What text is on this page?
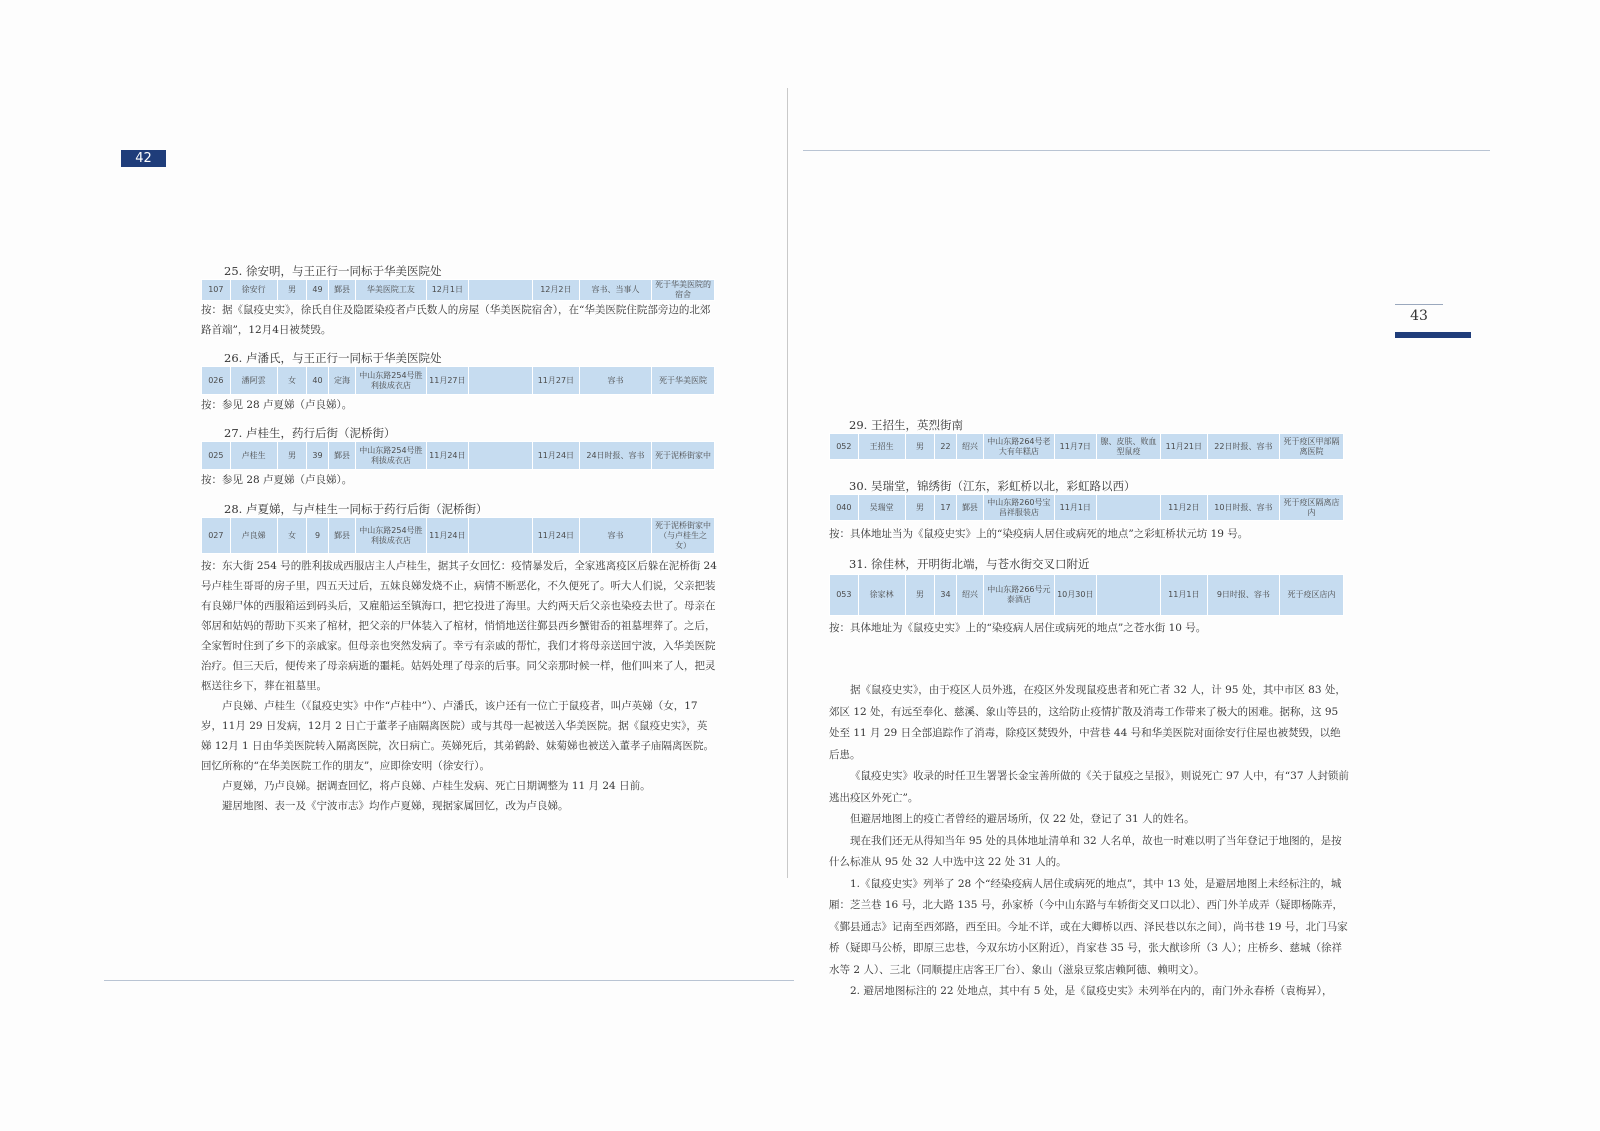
42
25. 徐安明，与王正行一同标于华美医院处
107	徐安行	男	49	鄞县	华美医院工友	12月1日		12月2日	容书、当事人	死于华美医院的宿舍

按：据《鼠疫史实》，徐氏自住及隐匿染疫者卢氏数人的房屋（华美医院宿舍），在“华美医院住院部旁边的北郊路首端”，12月4日被焚毁。

26. 卢潘氏，与王正行一同标于华美医院处
026	潘阿雲	女	40	定海	中山东路254号胜利拔成衣店	11月27日		11月27日	容书	死于华美医院

按：参见 28 卢夏娣（卢良娣）。

27. 卢桂生，药行后街（泥桥街）
025	卢桂生	男	39	鄞县	中山东路254号胜利拔成衣店	11月24日		11月24日	24日时报、容书	死于泥桥街家中

按：参见 28 卢夏娣（卢良娣）。

28. 卢夏娣，与卢桂生一同标于药行后街（泥桥街）
027	卢良娣	女	9	鄞县	中山东路254号胜利拔成衣店	11月24日		11月24日	容书	死于泥桥街家中（与卢桂生之女）

按：东大街 254 号的胜利拔成西服店主人卢桂生，据其子女回忆：疫情暴发后，全家逃离疫区后躲在泥桥街 24 号卢桂生哥哥的房子里，四五天过后，五妹良娣发烧不止，病情不断恶化，不久便死了。听大人们说，父亲把装有良娣尸体的西服箱运到码头后，又雇船运至镇海口，把它投进了海里。大约两天后父亲也染疫去世了。母亲在邻居和姑妈的帮助下买来了棺材，把父亲的尸体装入了棺材，悄悄地送往鄞县西乡蟹钳岙的祖墓埋葬了。之后，全家暂时住到了乡下的亲戚家。但母亲也突然发病了。幸亏有亲戚的帮忙，我们才将母亲送回宁波，入华美医院治疗。但三天后，便传来了母亲病逝的噩耗。姑妈处理了母亲的后事。同父亲那时候一样，他们叫来了人，把灵柩送往乡下，葬在祖墓里。

卢良娣、卢桂生（《鼠疫史实》中作“卢桂中”）、卢潘氏，该户还有一位亡于鼠疫者，叫卢英娣（女，17岁，11月 29 日发病，12月 2 日亡于董孝子庙隔离医院）或与其母一起被送入华美医院。据《鼠疫史实》，英娣 12月 1 日由华美医院转入隔离医院，次日病亡。英娣死后，其弟鹤龄、妹菊娣也被送入董孝子庙隔离医院。回忆所称的“在华美医院工作的朋友”，应即徐安明（徐安行）。

卢夏娣，乃卢良娣。据调查回忆，将卢良娣、卢桂生发病、死亡日期调整为 11 月 24 日前。

避居地图、表一及《宁波市志》均作卢夏娣，现据家属回忆，改为卢良娣。

43
29. 王招生，英烈街南
052	王招生	男	22	绍兴	中山东路264号老大有年糕店	11月7日	腺、皮肤、败血型鼠疫	11月21日	22日时报、容书	死于疫区甲部隔离医院
30. 吴瑞堂，锦绣街（江东，彩虹桥以北，彩虹路以西）
040	吴瑞堂	男	17	鄞县	中山东路260号宝昌祥服装店	11月1日		11月2日	10日时报、容书	死于疫区隔离店内

按：具体地址当为《鼠疫史实》上的“染疫病人居住或病死的地点”之彩虹桥状元坊 19 号。

31. 徐佳林，开明街北端，与苍水街交叉口附近
053	徐家林	男	34	绍兴	中山东路266号元泰酒店	10月30日		11月1日	9日时报、容书	死于疫区店内

按：具体地址为《鼠疫史实》上的“染疫病人居住或病死的地点”之苍水街 10 号。

据《鼠疫史实》，由于疫区人员外逃，在疫区外发现鼠疫患者和死亡者 32 人，计 95 处，其中市区 83 处，郊区 12 处，有远至奉化、慈溪、象山等县的，这给防止疫情扩散及消毒工作带来了极大的困难。据称，这 95 处至 11 月 29 日全部追踪作了消毒，除疫区焚毁外，中营巷 44 号和华美医院对面徐安行住屋也被焚毁，以绝后患。

《鼠疫史实》收录的时任卫生署署长金宝善所做的《关于鼠疫之呈报》，则说死亡 97 人中，有“37 人封锁前逃出疫区外死亡”。

但避居地图上的疫亡者曾经的避居场所，仅 22 处，登记了 31 人的姓名。

现在我们还无从得知当年 95 处的具体地址清单和 32 人名单，故也一时难以明了当年登记于地图的，是按什么标准从 95 处 32 人中选中这 22 处 31 人的。

1.《鼠疫史实》列举了 28 个“经染疫病人居住或病死的地点”，其中 13 处，是避居地图上未经标注的，城厢：芝兰巷 16 号，北大路 135 号，孙家桥（今中山东路与车轿街交叉口以北）、西门外羊成弄（疑即杨陈弄，《鄞县通志》记南至西郊路，西至田。今址不详，或在大卿桥以西、泽民巷以东之间），尚书巷 19 号，北门马家桥（疑即马公桥，即原三忠巷，今双东坊小区附近），肖家巷 35 号，张大猷诊所（3 人）；庄桥乡、慈城（徐祥水等 2 人）、三北（同顺提庄店客王厂台）、象山（滋泉豆浆店赖阿德、赖明文）。

2. 避居地图标注的 22 处地点，其中有 5 处，是《鼠疫史实》未列举在内的，南门外永春桥（袁梅昇），
